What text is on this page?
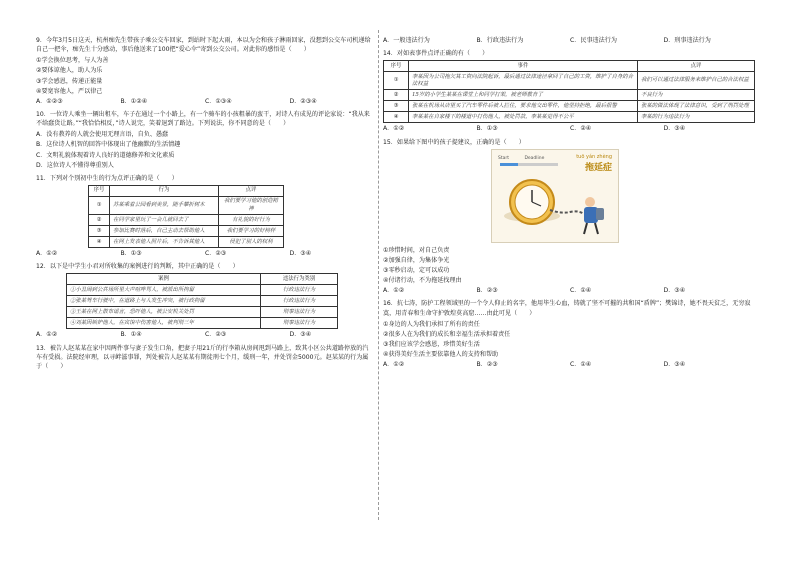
9．今年3月5日这天，杭州痴先生带孩子乘公交车回家，到站时下起大雨，本以为会和孩子淋雨回家，没想到公交车司机递给自己一把伞，痴先生十分感动，事后他送来了100把“爱心伞”寄到公交公司。对此你的感悟是（　　）
①学会换位思考，与人为善
②要体谅他人，助人为乐
③学会感恩，传递正能量
④要宽容他人，严以律己
A．①②③	B．①②④	C．①③④	D．②③④
10．一位诗人乘坐一辆出租车，车子在通过一个小路上，有一个骑车的小孩粗暴的蛮干，对诗人有成见的评论家说：“我从来不给蠢货让路。”“我恰恰相反，”诗人说完，笑着退到了路边。下列说法，你不同意的是（　　）
A．没有教养的人就会使用无理言语，自负、愚蠢
B．这位诗人机智的回答中体现出了他幽默的生活情趣
C．文明礼貌体现着诗人良好的道德修养和文化素质
D．这位诗人不懂得尊重别人
11．下列对个别初中生的行为点评正确的是（　　）
序号	行为	点评
①	苏某乘着公园看到美景，随手攀折树木	我们要学习他的创造精神
②	在同学家里玩了一会儿就回去了	有礼貌的好行为
③	参加比赛时落后，自己主动去帮助他人	我们要学习的好榜样
④	在网上发表他人照片后，不告诉其他人	侵犯了别人的权利
A．①②	B．①③	C．②③	D．③④
12．以下是中学生小君对所收集的案例进行的判断，其中正确的是（　　）
案例	违法行为类别
①小丑闹到公共场所里大声喧哗骂人，被派出所拘留	行政违法行为
②张某驾车行驶中，在道路上与人发生冲突，被行政拘留	行政违法行为
③王某在网上散布谣言，恐吓他人，被公安机关处罚	刑事违法行为
④刘某因嫉妒他人，在宾馆中伤害他人，被判刑三年	刑事违法行为
A．①②	B．①④	C．②③	D．③④
13．被告人赵某某在家中因两件事与妻子发生口角，把妻子用21斤的行李箱从房间甩到马路上，致其小区公共道路停放的汽车有受损。法院经审理，以寻衅滋事罪，判处被告人赵某某有期徒刑七个月，缓刑一年，并处罚金5000元。赵某某的行为属于（　　）
A．一般违法行为	B．行政违法行为	C．民事违法行为	D．刑事违法行为
14．对如表事件点评正确的有（　　）
序号	事件	点评
①	李某因为公司拖欠其工资向法院起诉，最后通过法律途径拿回了自己的工资，维护了自身的合法权益	我们可以通过法律服务来维护自己的合法权益
②	15岁的小学生某某在课堂上和同学打架，被老师教育了	不良行为
③	张某在机场从店里买了汽车零件后被人拦住，要求他交出零件，他坚持拒绝，最后报警	张某的做法体现了法律意识，受到了刑罚处理
④	李某某在自家楼下的楼道中打伤他人，被处罚款，李某某觉得不公平	李某的行为违法行为
A．①②	B．①③	C．②④	D．③④
15．如果给下图中的孩子提建议，正确的是（　　）
Start	Deadline	tuō yán zhèng
拖延症
①珍惜时间，对自己负责
②加强自律，为集体争光
③零秒启动，定可以成功
④付诸行动，不为拖延找理由
A．①②	B．②③	C．①④	D．③④
16．抗七涛，防护工程领域里的一个令人仰止的名字，他用毕生心血，铸就了坚不可摧的共和国“盾牌”；樊锦诗，她不畏天贫乏，无穷寂寞，用青春和生命守护敦煌莫高窟……由此可见（　　）
①身边的人为我们承担了所有的责任
②很多人在为我们的成长和幸福生活承担着责任
③我们应该学会感恩，珍惜美好生活
④获得美好生活主要依靠他人的支持和帮助
A．①②	B．②③	C．①④	D．③④
